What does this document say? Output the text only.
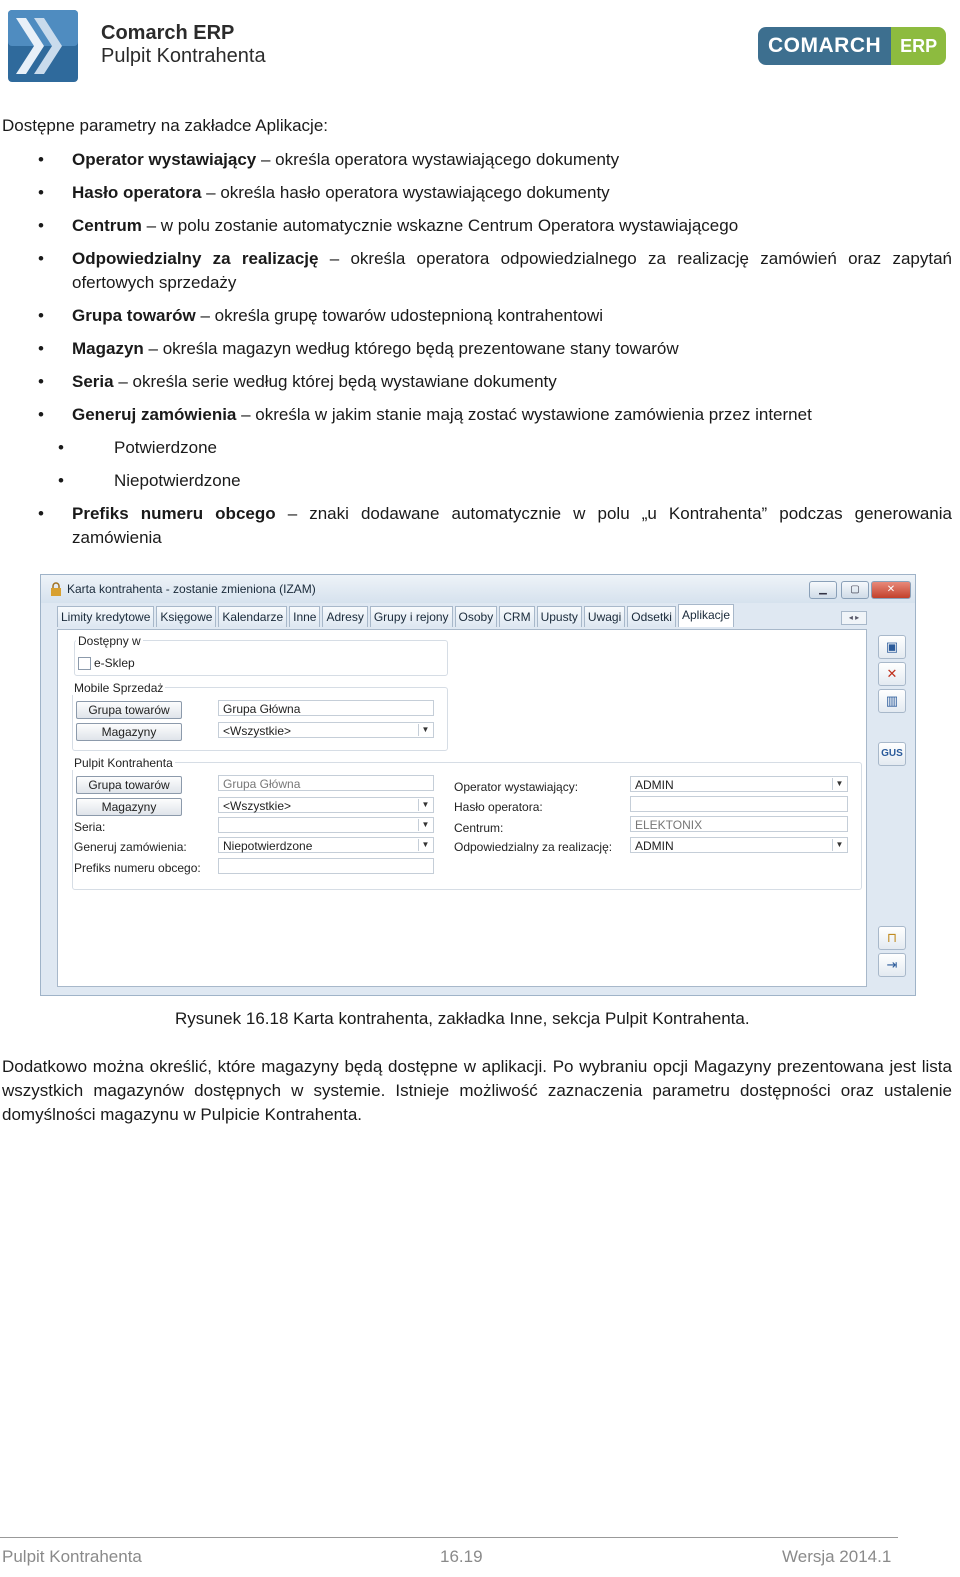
Comarch ERP
Pulpit Kontrahenta	COMARCH	ERP
Dostępne parametry na zakładce Aplikacje:
• Operator wystawiający – określa operatora wystawiającego dokumenty
• Hasło operatora – określa hasło operatora wystawiającego dokumenty
• Centrum – w polu zostanie automatycznie wskazne Centrum Operatora wystawiającego
• Odpowiedzialny za realizację – określa operatora odpowiedzialnego za realizację zamówień oraz zapytań ofertowych sprzedaży
• Grupa towarów – określa grupę towarów udostepnioną kontrahentowi
• Magazyn – określa magazyn według którego będą prezentowane stany towarów
• Seria – określa serie według której będą wystawiane dokumenty
• Generuj zamówienia – określa w jakim stanie mają zostać wystawione zamówienia przez internet
•	Potwierdzone
•	Niepotwierdzone
• Prefiks numeru obcego – znaki dodawane automatycznie w polu „u Kontrahenta” podczas generowania zamówienia
Karta kontrahenta - zostanie zmieniona (IZAM)	▁	▢	✕
Limity kredytowe Księgowe Kalendarze Inne Adresy Grupy i rejony Osoby CRM Upusty Uwagi Odsetki Aplikacje	◂ ▸
Dostępny w
e-Sklep
Mobile Sprzedaż
Grupa towarów	Grupa Główna
Magazyny	<Wszystkie>	▼
Pulpit Kontrahenta
Grupa towarów	Grupa Główna
Magazyny	<Wszystkie>	▼
Seria:	▼
Generuj zamówienia:	Niepotwierdzone	▼
Prefiks numeru obcego:
Operator wystawiający:	ADMIN	▼
Hasło operatora:
Centrum:	ELEKTONIX
Odpowiedzialny za realizację:	ADMIN	▼
▣
✕
▥
GUS
⊓
⇥
Rysunek 16.18 Karta kontrahenta, zakładka Inne, sekcja Pulpit Kontrahenta.
Dodatkowo można określić, które magazyny będą dostępne w aplikacji. Po wybraniu opcji Magazyny prezentowana jest lista wszystkich magazynów dostępnych w systemie. Istnieje możliwość zaznaczenia parametru dostępności oraz ustalenie domyślności magazynu w Pulpicie Kontrahenta.
Pulpit Kontrahenta	16.19	Wersja 2014.1
